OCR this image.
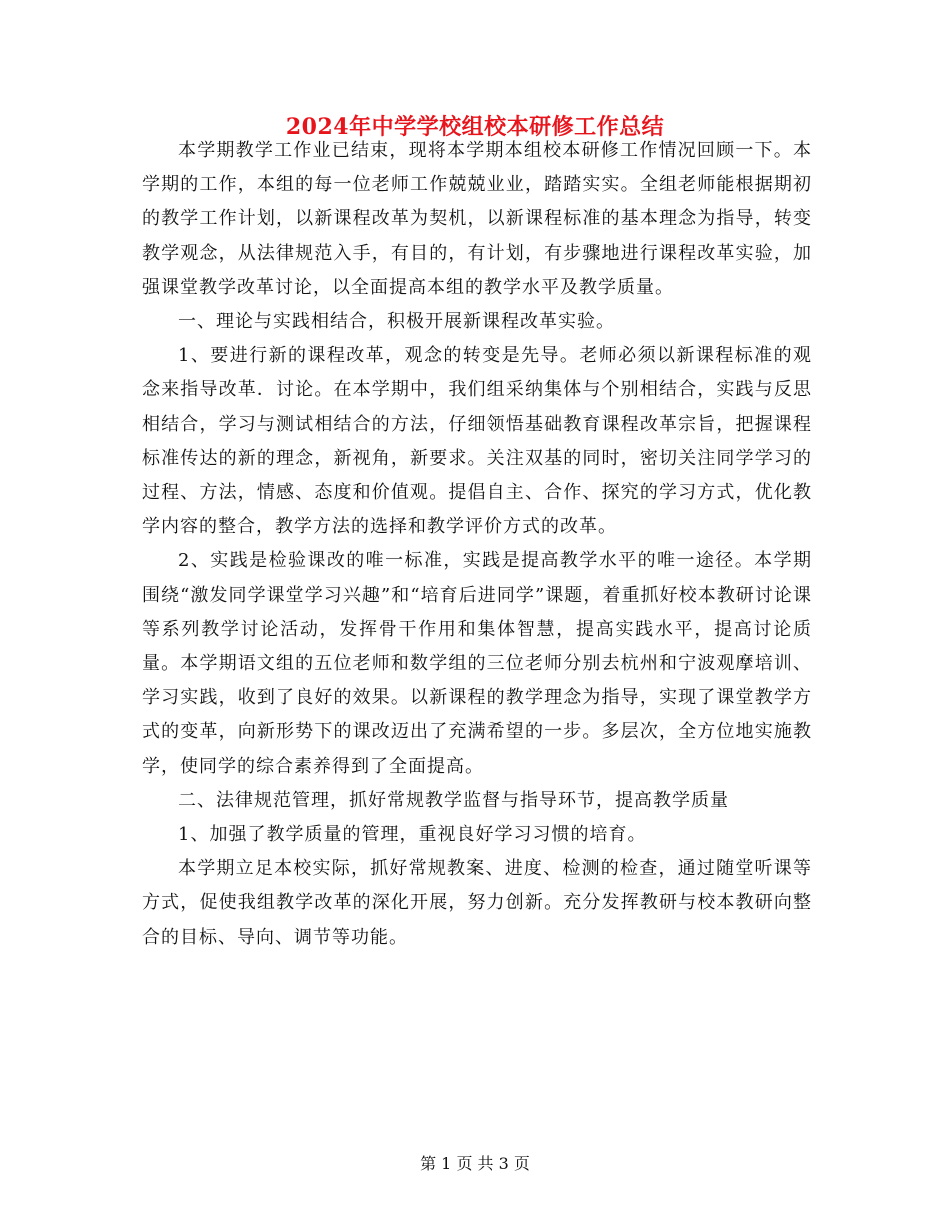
2024年中学学校组校本研修工作总结

本学期教学工作业已结束，现将本学期本组校本研修工作情况回顾一下。本学期的工作，本组的每一位老师工作兢兢业业，踏踏实实。全组老师能根据期初的教学工作计划，以新课程改革为契机，以新课程标准的基本理念为指导，转变教学观念，从法律规范入手，有目的，有计划，有步骤地进行课程改革实验，加强课堂教学改革讨论，以全面提高本组的教学水平及教学质量。

一、理论与实践相结合，积极开展新课程改革实验。

1、要进行新的课程改革，观念的转变是先导。老师必须以新课程标准的观念来指导改革．讨论。在本学期中，我们组采纳集体与个别相结合，实践与反思相结合，学习与测试相结合的方法，仔细领悟基础教育课程改革宗旨，把握课程标准传达的新的理念，新视角，新要求。关注双基的同时，密切关注同学学习的过程、方法，情感、态度和价值观。提倡自主、合作、探究的学习方式，优化教学内容的整合，教学方法的选择和教学评价方式的改革。

2、实践是检验课改的唯一标准，实践是提高教学水平的唯一途径。本学期围绕“激发同学课堂学习兴趣”和“培育后进同学”课题，着重抓好校本教研讨论课等系列教学讨论活动，发挥骨干作用和集体智慧，提高实践水平，提高讨论质量。本学期语文组的五位老师和数学组的三位老师分别去杭州和宁波观摩培训、学习实践，收到了良好的效果。以新课程的教学理念为指导，实现了课堂教学方式的变革，向新形势下的课改迈出了充满希望的一步。多层次，全方位地实施教学，使同学的综合素养得到了全面提高。

二、法律规范管理，抓好常规教学监督与指导环节，提高教学质量

1、加强了教学质量的管理，重视良好学习习惯的培育。

本学期立足本校实际，抓好常规教案、进度、检测的检查，通过随堂听课等方式，促使我组教学改革的深化开展，努力创新。充分发挥教研与校本教研向整合的目标、导向、调节等功能。

第 1 页 共 3 页
